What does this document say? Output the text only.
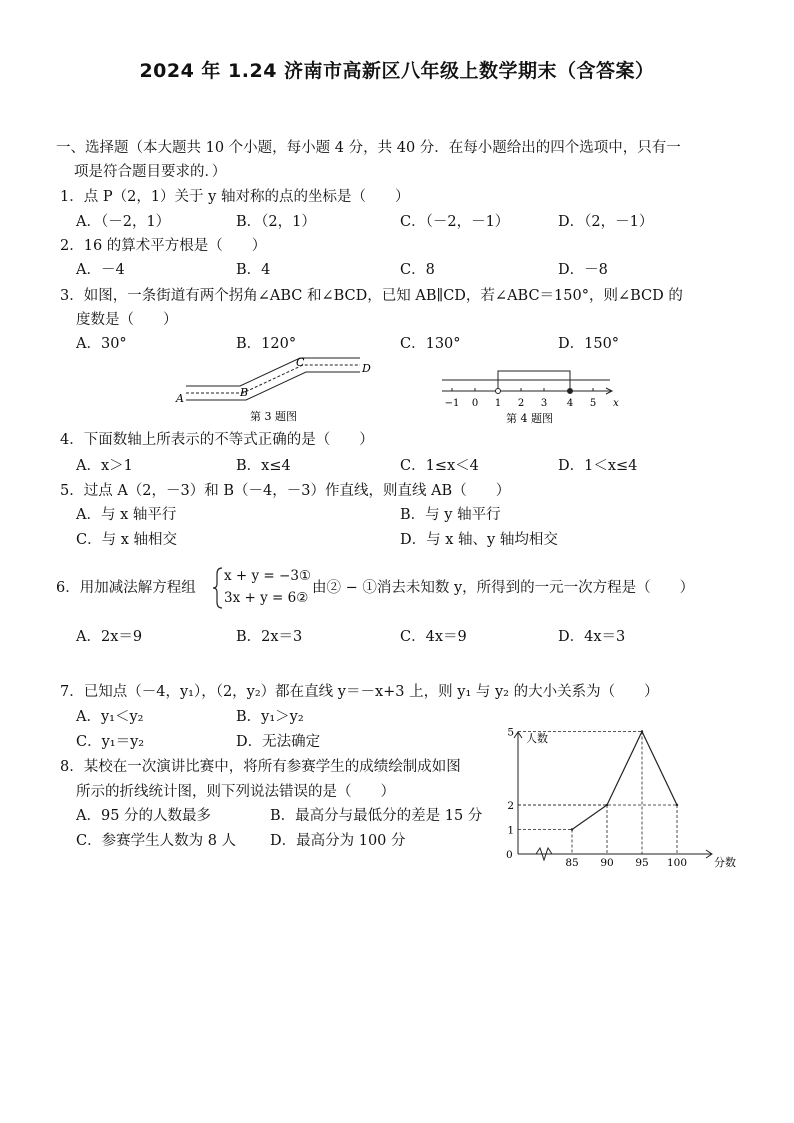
2024 年 1.24 济南市高新区八年级上数学期末（含答案）
一、选择题（本大题共 10 个小题，每小题 4 分，共 40 分．在每小题给出的四个选项中，只有一
项是符合题目要求的．）
1．点 P（2，1）关于 y 轴对称的点的坐标是（　　）
A．（－2，1）	B．（2，1）	C．（－2，－1）	D．（2，－1）
2．16 的算术平方根是（　　）
A．－4	B．4	C．8	D．－8
3．如图，一条街道有两个拐角∠ABC 和∠BCD，已知 AB∥CD，若∠ABC＝150°，则∠BCD 的
度数是（　　）
A．30°	B．120°	C．130°	D．150°
A	B
C	D
第 3 题图
−1 0 1 2 3 4 5 x
第 4 题图
4．下面数轴上所表示的不等式正确的是（　　）
A．x＞1	B．x≤4	C．1≤x＜4	D．1＜x≤4
5．过点 A（2，－3）和 B（－4，－3）作直线，则直线 AB（　　）
A．与 x 轴平行	B．与 y 轴平行
C．与 x 轴相交	D．与 x 轴、y 轴均相交
6．用加减法解方程组
x + y = −3①
3x + y = 6②
由② − ①消去未知数 y，所得到的一元一次方程是（　　）
A．2x＝9	B．2x＝3	C．4x＝9	D．4x＝3
7．已知点（－4，y₁），（2，y₂）都在直线 y＝－x+3 上，则 y₁ 与 y₂ 的大小关系为（　　）
A．y₁＜y₂	B．y₁＞y₂
C．y₁＝y₂	D．无法确定
8．某校在一次演讲比赛中，将所有参赛学生的成绩绘制成如图
所示的折线统计图，则下列说法错误的是（　　）
A．95 分的人数最多	B．最高分与最低分的差是 15 分
C．参赛学生人数为 8 人 D．最高分为 100 分
85 90 95 100
1
2
5
0
人数
分数
